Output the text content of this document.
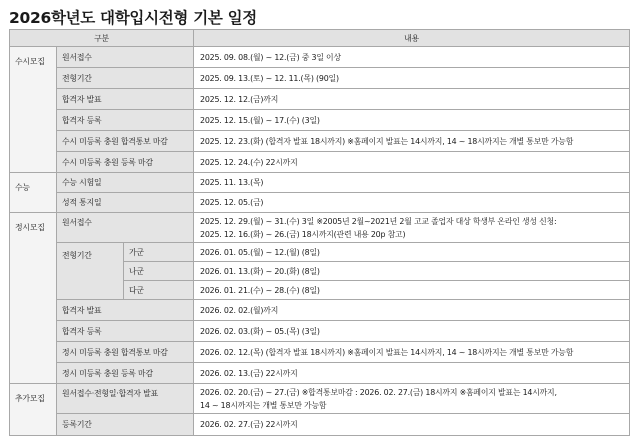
2026학년도 대학입시전형 기본 일정
구분			내용
수시모집	원서접수		2025. 09. 08.(월) ~ 12.(금) 중 3일 이상
	전형기간		2025. 09. 13.(토) ~ 12. 11.(목) (90일)
	합격자 발표		2025. 12. 12.(금)까지
	합격자 등록		2025. 12. 15.(월) ~ 17.(수) (3일)
	수시 미등록 충원 합격통보 마감		2025. 12. 23.(화) (합격자 발표 18시까지) ※홈페이지 발표는 14시까지, 14 ~ 18시까지는 개별 통보만 가능함
	수시 미등록 충원 등록 마감		2025. 12. 24.(수) 22시까지
수능	수능 시험일		2025. 11. 13.(목)
	성적 통지일		2025. 12. 05.(금)
정시모집	원서접수		2025. 12. 29.(월) ~ 31.(수) 3일 ※2005년 2월~2021년 2월 고교 졸업자 대상 학생부 온라인 생성 신청:
2025. 12. 16.(화) ~ 26.(금) 18시까지(관련 내용 20p 참고)

	전형기간	가군	2026. 01. 05.(월) ~ 12.(월) (8일)
		나군	2026. 01. 13.(화) ~ 20.(화) (8일)
		다군	2026. 01. 21.(수) ~ 28.(수) (8일)
	합격자 발표		2026. 02. 02.(월)까지
	합격자 등록		2026. 02. 03.(화) ~ 05.(목) (3일)
	정시 미등록 충원 합격통보 마감		2026. 02. 12.(목) (합격자 발표 18시까지) ※홈페이지 발표는 14시까지, 14 ~ 18시까지는 개별 통보만 가능함
	정시 미등록 충원 등록 마감		2026. 02. 13.(금) 22시까지
추가모집	원서접수·전형일·합격자 발표		2026. 02. 20.(금) ~ 27.(금) ※합격통보마감 : 2026. 02. 27.(금) 18시까지 ※홈페이지 발표는 14시까지,
14 ~ 18시까지는 개별 통보만 가능함

	등록기간		2026. 02. 27.(금) 22시까지
